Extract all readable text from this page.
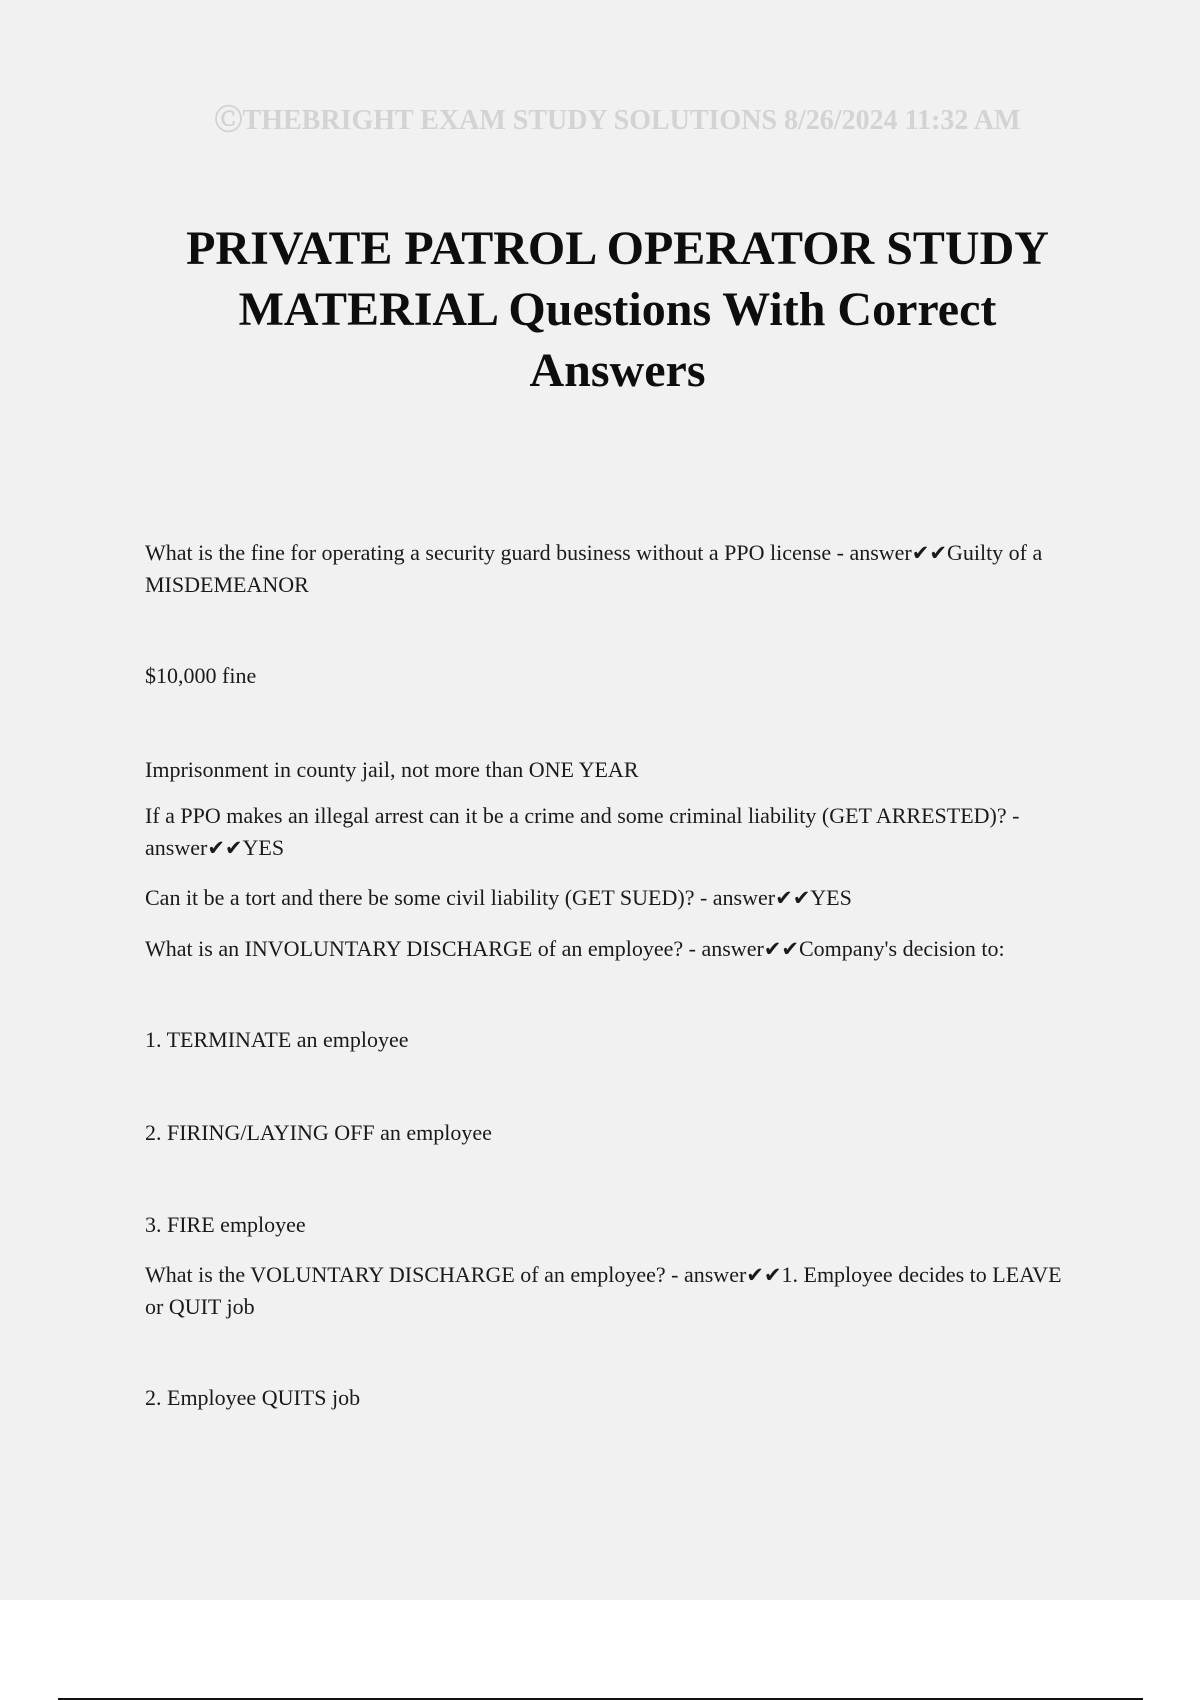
ⒸTHEBRIGHT EXAM STUDY SOLUTIONS 8/26/2024 11:32 AM
PRIVATE PATROL OPERATOR STUDY MATERIAL Questions With Correct Answers

What is the fine for operating a security guard business without a PPO license - answer✔✔Guilty of a MISDEMEANOR

$10,000 fine

Imprisonment in county jail, not more than ONE YEAR

If a PPO makes an illegal arrest can it be a crime and some criminal liability (GET ARRESTED)? - answer✔✔YES

Can it be a tort and there be some civil liability (GET SUED)? - answer✔✔YES

What is an INVOLUNTARY DISCHARGE of an employee? - answer✔✔Company's decision to:

1. TERMINATE an employee

2. FIRING/LAYING OFF an employee

3. FIRE employee

What is the VOLUNTARY DISCHARGE of an employee? - answer✔✔1. Employee decides to LEAVE or QUIT job

2. Employee QUITS job
